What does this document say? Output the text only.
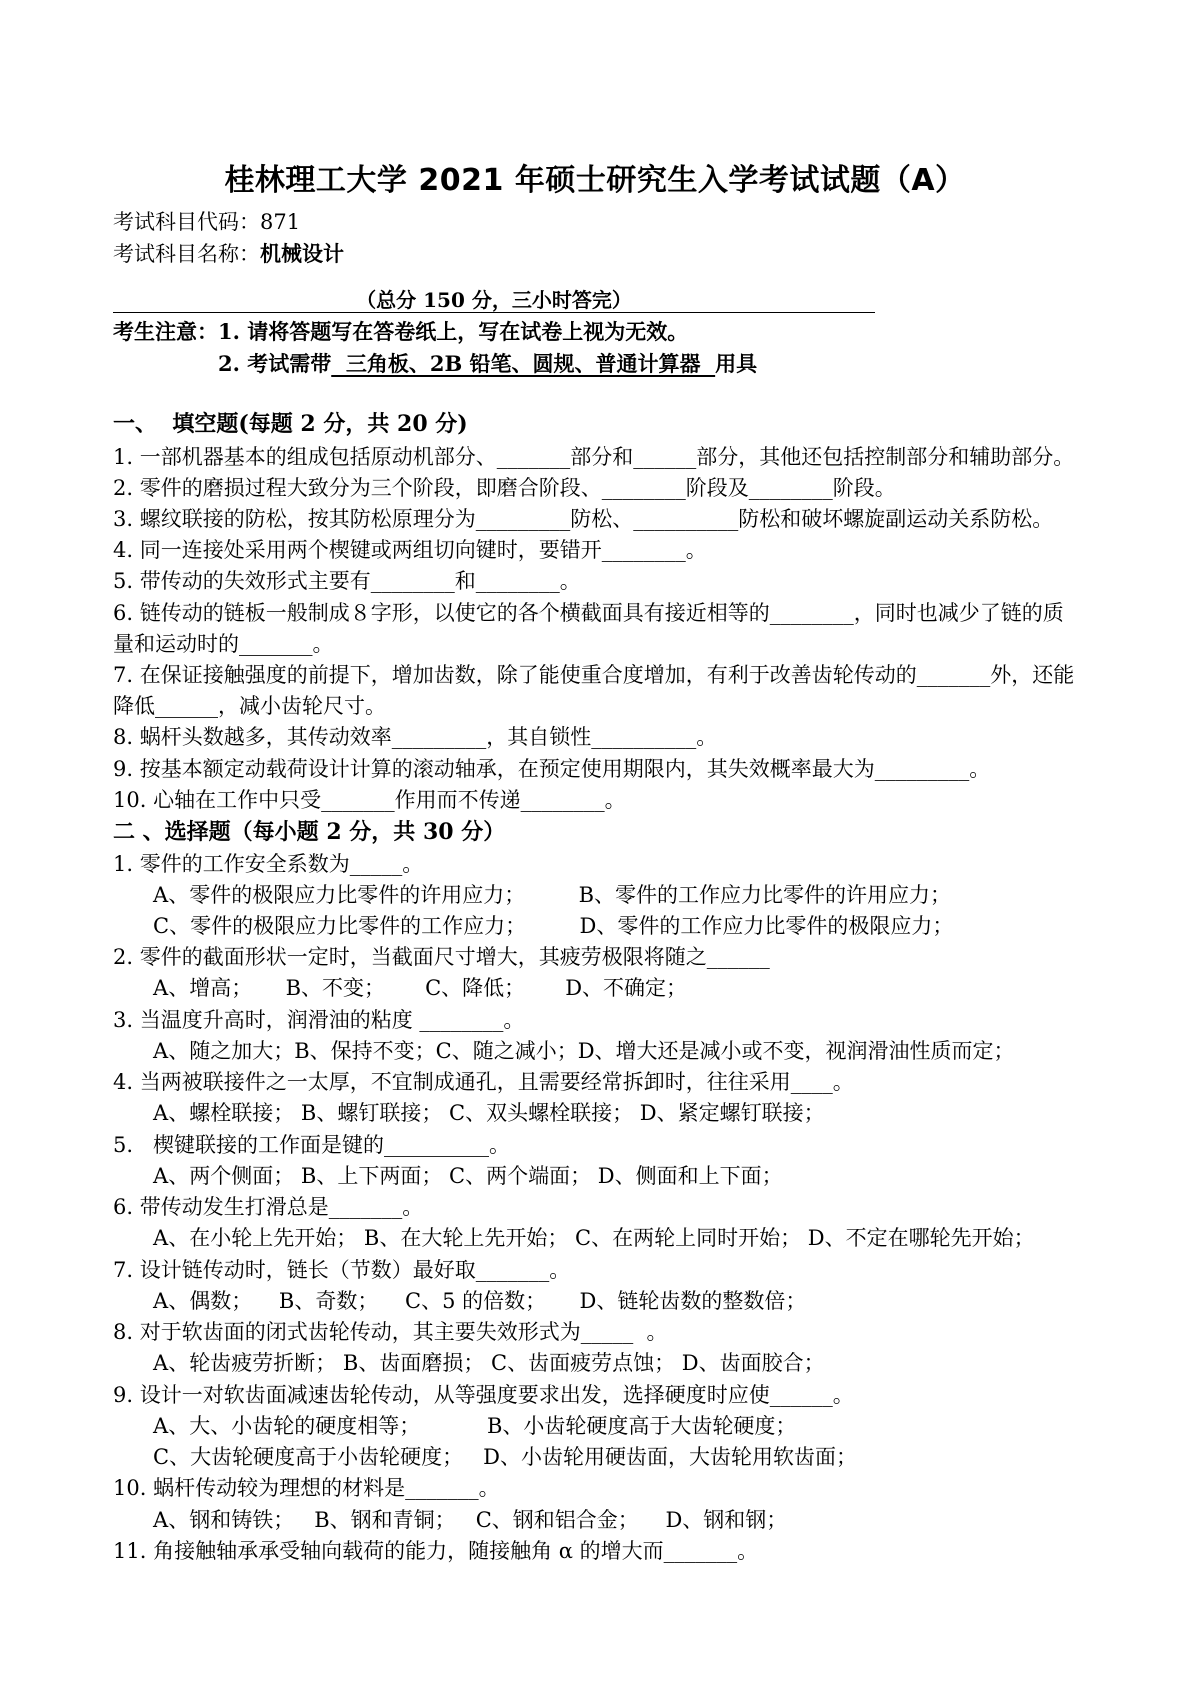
桂林理工大学 2021 年硕士研究生入学考试试题（A）
考试科目代码：871
考试科目名称：机械设计
（总分 150 分，三小时答完）
考生注意：1. 请将答题写在答卷纸上，写在试卷上视为无效。
2. 考试需带  三角板、2B 铅笔、圆规、普通计算器  用具
一、  填空题(每题 2 分，共 20 分)
1. 一部机器基本的组成包括原动机部分、_______部分和______部分，其他还包括控制部分和辅助部分。
2. 零件的磨损过程大致分为三个阶段，即磨合阶段、________阶段及________阶段。
3. 螺纹联接的防松，按其防松原理分为_________防松、__________防松和破坏螺旋副运动关系防松。
4. 同一连接处采用两个楔键或两组切向键时，要错开________。
5. 带传动的失效形式主要有________和________。
6. 链传动的链板一般制成８字形，以使它的各个横截面具有接近相等的________，同时也减少了链的质
量和运动时的_______。
7. 在保证接触强度的前提下，增加齿数，除了能使重合度增加，有利于改善齿轮传动的_______外，还能
降低______，减小齿轮尺寸。
8. 蜗杆头数越多，其传动效率_________，其自锁性__________。
9. 按基本额定动载荷设计计算的滚动轴承，在预定使用期限内，其失效概率最大为_________。
10. 心轴在工作中只受_______作用而不传递________。
二 、选择题（每小题 2 分，共 30 分）
1. 零件的工作安全系数为_____。
A、零件的极限应力比零件的许用应力；        B、零件的工作应力比零件的许用应力；
C、零件的极限应力比零件的工作应力；        D、零件的工作应力比零件的极限应力；
2. 零件的截面形状一定时，当截面尺寸增大，其疲劳极限将随之______
A、增高；     B、不变；      C、降低；      D、不确定；
3. 当温度升高时，润滑油的粘度 ________。
A、随之加大；B、保持不变；C、随之减小；D、增大还是减小或不变，视润滑油性质而定；
4. 当两被联接件之一太厚，不宜制成通孔，且需要经常拆卸时，往往采用____。
A、螺栓联接； B、螺钉联接； C、双头螺栓联接； D、紧定螺钉联接；
5.   楔键联接的工作面是键的__________。
A、两个侧面； B、上下两面； C、两个端面； D、侧面和上下面；
6. 带传动发生打滑总是_______。
A、在小轮上先开始； B、在大轮上先开始； C、在两轮上同时开始； D、不定在哪轮先开始；
7. 设计链传动时，链长（节数）最好取_______。
A、偶数；    B、奇数；    C、5 的倍数；     D、链轮齿数的整数倍；
8. 对于软齿面的闭式齿轮传动，其主要失效形式为_____  。
A、轮齿疲劳折断； B、齿面磨损； C、齿面疲劳点蚀； D、齿面胶合；
9. 设计一对软齿面减速齿轮传动，从等强度要求出发，选择硬度时应使______。
A、大、小齿轮的硬度相等；          B、小齿轮硬度高于大齿轮硬度；
C、大齿轮硬度高于小齿轮硬度；   D、小齿轮用硬齿面，大齿轮用软齿面；
10. 蜗杆传动较为理想的材料是_______。
A、钢和铸铁；   B、钢和青铜；   C、钢和铝合金；    D、钢和钢；
11. 角接触轴承承受轴向载荷的能力，随接触角 α 的增大而_______。
